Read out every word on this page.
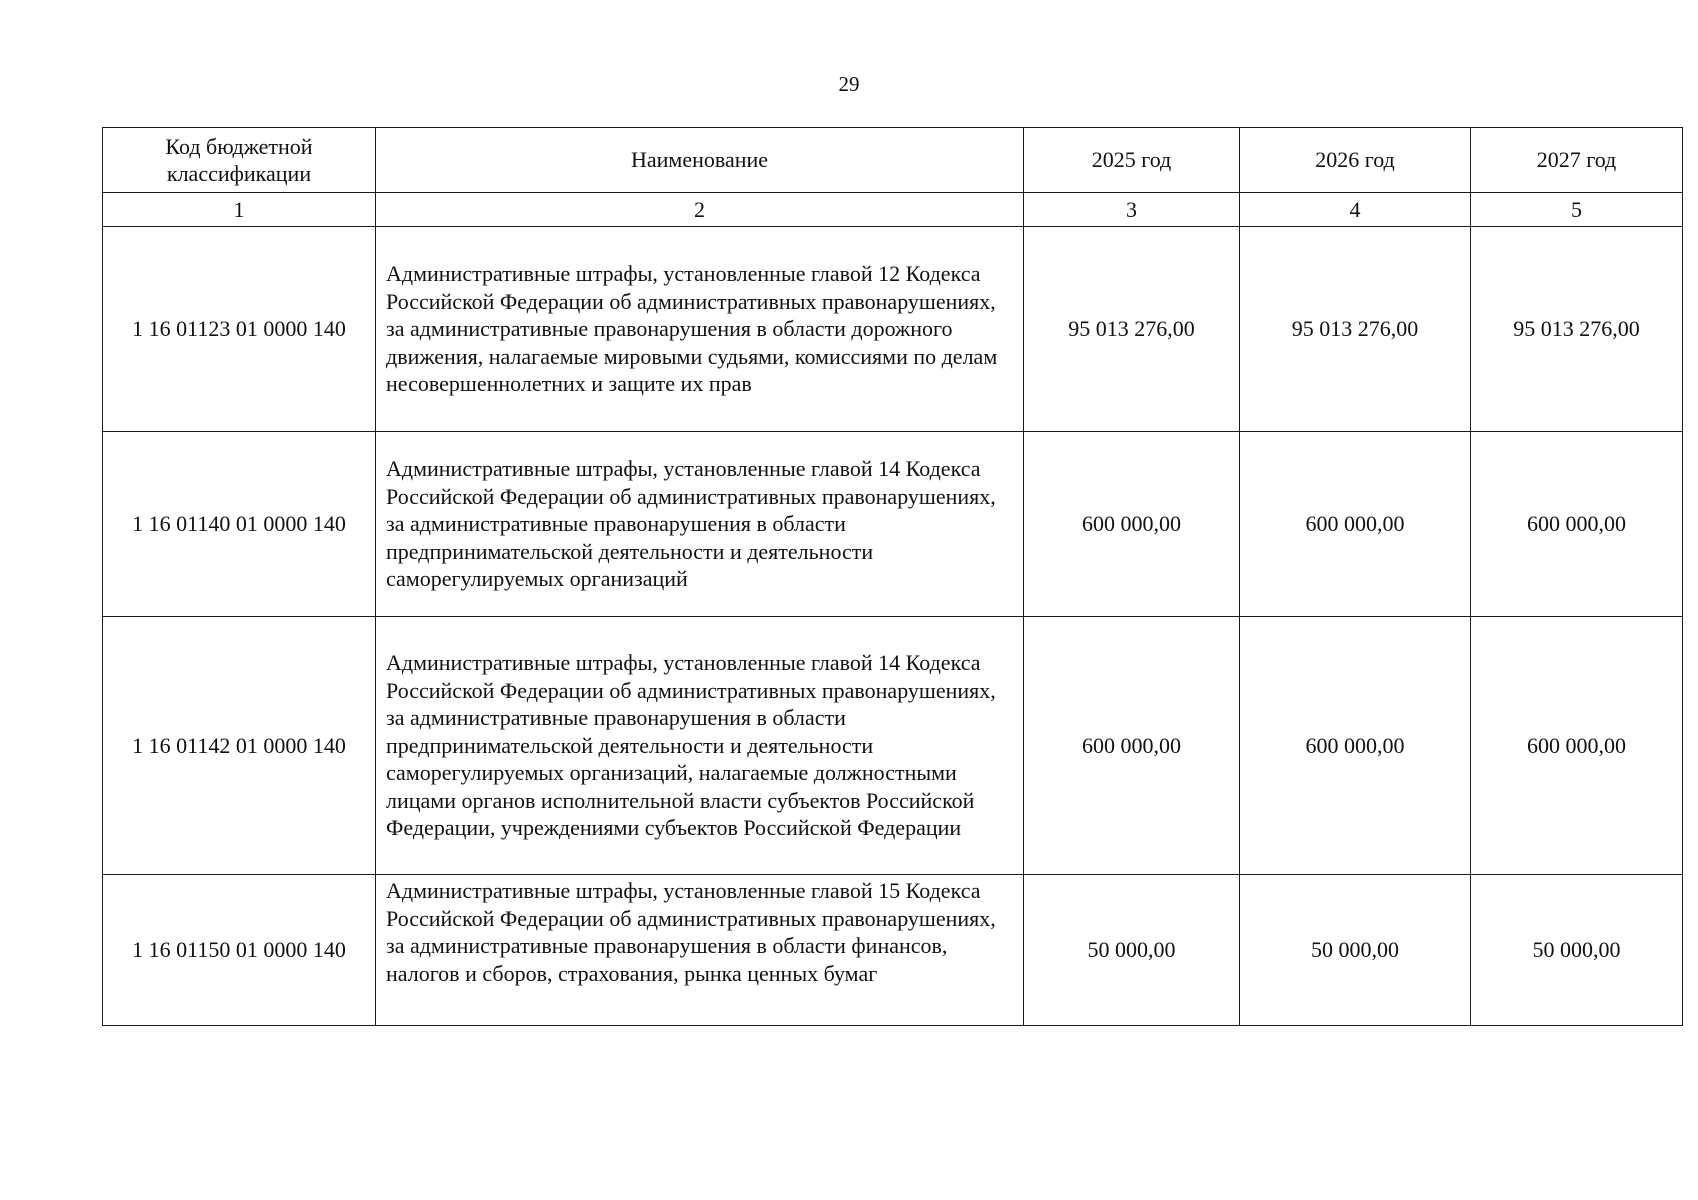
29
Код бюджетной классификации	Наименование	2025 год	2026 год	2027 год
1	2	3	4	5
1 16 01123 01 0000 140	Административные штрафы, установленные главой 12 Кодекса Российской Федерации об административных правонарушениях, за административные правонарушения в области дорожного движения, налагаемые мировыми судьями, комиссиями по делам несовершеннолетних и защите их прав	95 013 276,00	95 013 276,00	95 013 276,00
1 16 01140 01 0000 140	Административные штрафы, установленные главой 14 Кодекса Российской Федерации об административных правонарушениях, за административные правонарушения в области предпринимательской деятельности и деятельности саморегулируемых организаций	600 000,00	600 000,00	600 000,00
1 16 01142 01 0000 140	Административные штрафы, установленные главой 14 Кодекса Российской Федерации об административных правонарушениях, за административные правонарушения в области предпринимательской деятельности и деятельности саморегулируемых организаций, налагаемые должностными лицами органов исполнительной власти субъектов Российской Федерации, учреждениями субъектов Российской Федерации	600 000,00	600 000,00	600 000,00
1 16 01150 01 0000 140	Административные штрафы, установленные главой 15 Кодекса Российской Федерации об административных правонарушениях, за административные правонарушения в области финансов, налогов и сборов, страхования, рынка ценных бумаг	50 000,00	50 000,00	50 000,00
